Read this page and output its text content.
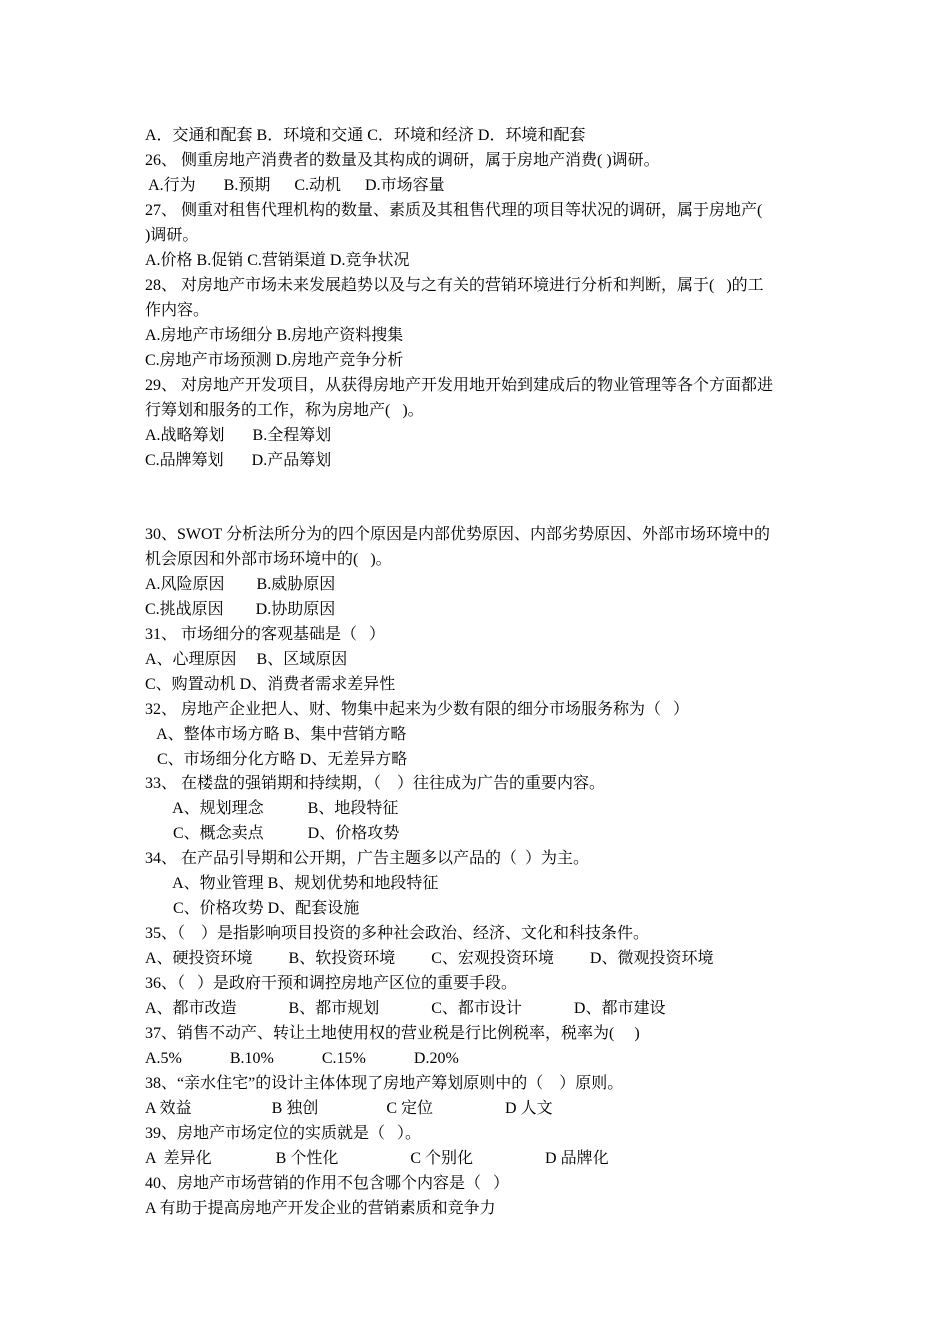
A．交通和配套 B．环境和交通 C．环境和经济 D．环境和配套

26、 侧重房地产消费者的数量及其构成的调研，属于房地产消费( )调研。

A.行为       B.预期      C.动机      D.市场容量

27、 侧重对租售代理机构的数量、素质及其租售代理的项目等状况的调研，属于房地产(

)调研。

A.价格 B.促销 C.营销渠道 D.竞争状况

28、 对房地产市场未来发展趋势以及与之有关的营销环境进行分析和判断，属于(   )的工

作内容。

A.房地产市场细分 B.房地产资料搜集

C.房地产市场预测 D.房地产竞争分析

29、 对房地产开发项目，从获得房地产开发用地开始到建成后的物业管理等各个方面都进

行筹划和服务的工作，称为房地产(   )。

A.战略筹划       B.全程筹划

C.品牌筹划       D.产品筹划

30、SWOT 分析法所分为的四个原因是内部优势原因、内部劣势原因、外部市场环境中的

机会原因和外部市场环境中的(   )。

A.风险原因        B.威胁原因

C.挑战原因        D.协助原因

31、 市场细分的客观基础是（   ）

A、心理原因     B、区域原因

C、购置动机 D、消费者需求差异性

32、 房地产企业把人、财、物集中起来为少数有限的细分市场服务称为（   ）

A、整体市场方略 B、集中营销方略

C、市场细分化方略 D、无差异方略

33、 在楼盘的强销期和持续期，（    ）往往成为广告的重要内容。

A、规划理念           B、地段特征

C、概念卖点           D、价格攻势

34、 在产品引导期和公开期，广告主题多以产品的（  ）为主。

A、物业管理 B、规划优势和地段特征

C、价格攻势 D、配套设施

35、（    ）是指影响项目投资的多种社会政治、经济、文化和科技条件。

A、硬投资环境         B、软投资环境         C、宏观投资环境         D、微观投资环境

36、（   ）是政府干预和调控房地产区位的重要手段。

A、都市改造             B、都市规划             C、都市设计             D、都市建设

37、销售不动产、转让土地使用权的营业税是行比例税率，税率为(     )

A.5%            B.10%            C.15%            D.20%

38、“亲水住宅”的设计主体体现了房地产筹划原则中的（    ）原则。

A 效益                    B 独创                 C 定位                  D 人文

39、房地产市场定位的实质就是（   ）。

A  差异化                B 个性化                  C 个别化                  D 品牌化

40、房地产市场营销的作用不包含哪个内容是（   ）

A 有助于提高房地产开发企业的营销素质和竞争力
